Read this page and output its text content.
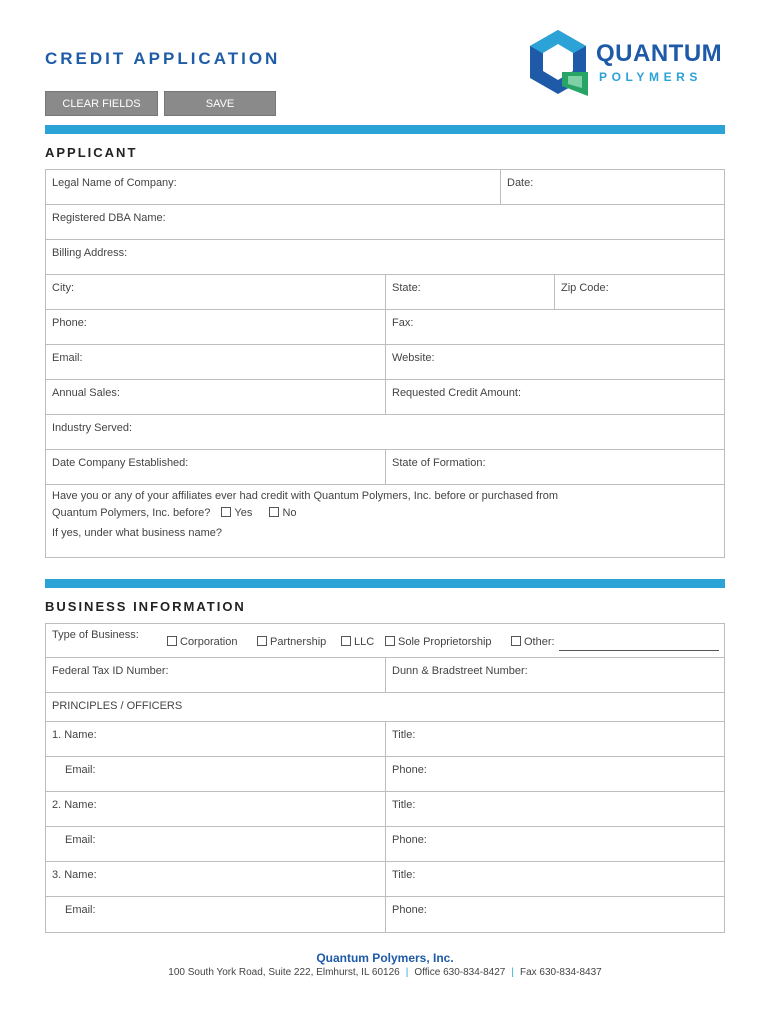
CREDIT APPLICATION
CLEAR FIELDS	SAVE
QUANTUM
POLYMERS
APPLICANT
Legal Name of Company:	Date:
Registered DBA Name:
Billing Address:
City:	State:	Zip Code:
Phone:	Fax:
Email:	Website:
Annual Sales:	Requested Credit Amount:
Industry Served:
Date Company Established:	State of Formation:
Have you or any of your affiliates ever had credit with Quantum Polymers, Inc. before or purchased from
Quantum Polymers, Inc. before? Yes	No
If yes, under what business name?
BUSINESS INFORMATION
Type of Business:
Corporation	Partnership	LLC	Sole Proprietorship	Other:
Federal Tax ID Number:	Dunn & Bradstreet Number:
PRINCIPLES / OFFICERS
1. Name:	Title:
Email:	Phone:
2. Name:	Title:
Email:	Phone:
3. Name:	Title:
Email:	Phone:
Quantum Polymers, Inc.
100 South York Road, Suite 222, Elmhurst, IL 60126 | Office 630-834-8427 | Fax 630-834-8437
